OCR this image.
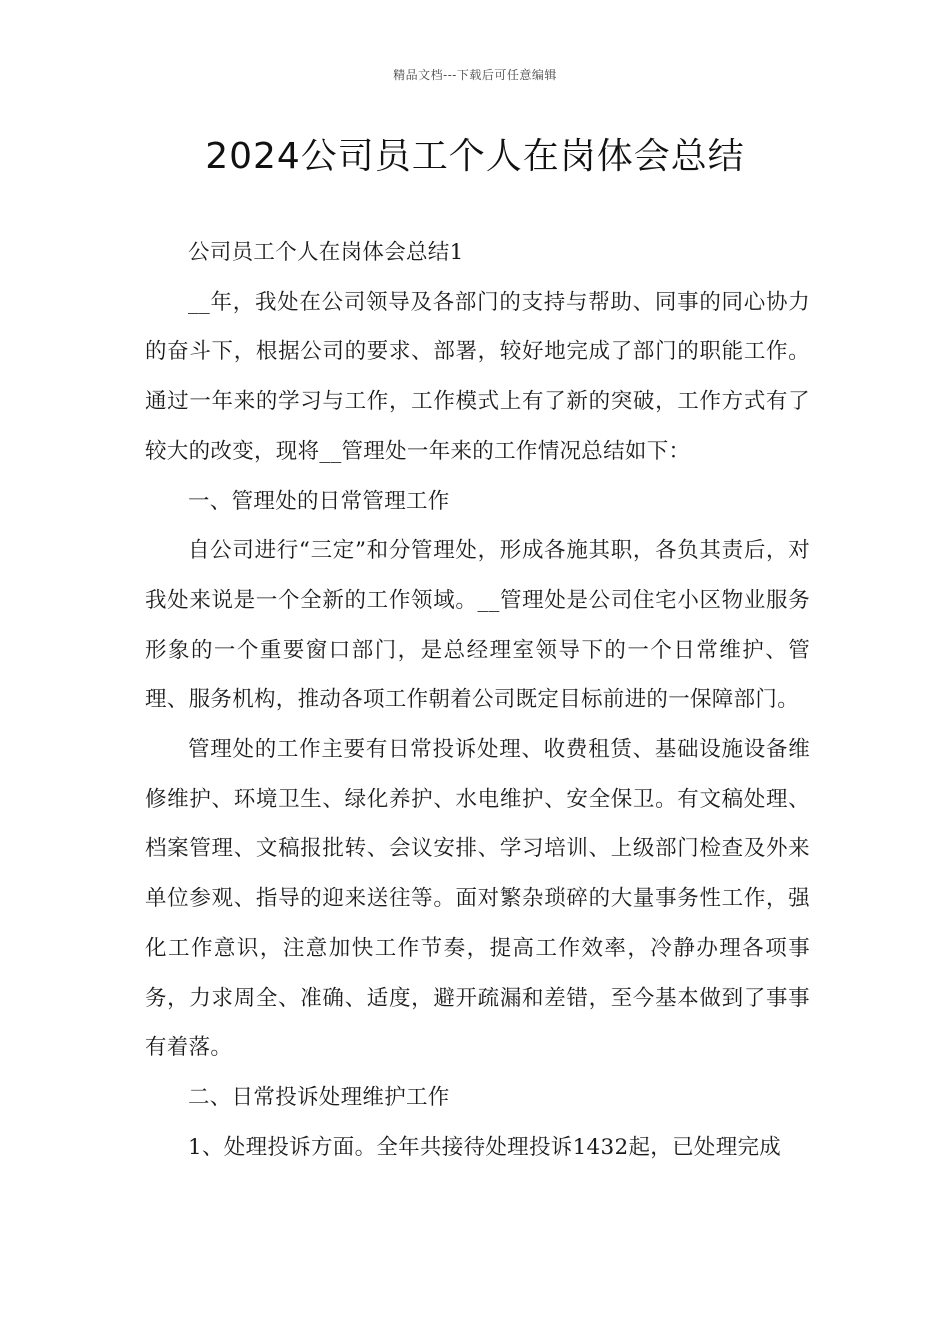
精品文档---下载后可任意编辑
2024公司员工个人在岗体会总结

公司员工个人在岗体会总结1

__年，我处在公司领导及各部门的支持与帮助、同事的同心协力的奋斗下，根据公司的要求、部署，较好地完成了部门的职能工作。通过一年来的学习与工作，工作模式上有了新的突破，工作方式有了较大的改变，现将__管理处一年来的工作情况总结如下：

一、管理处的日常管理工作

自公司进行“三定”和分管理处，形成各施其职，各负其责后，对我处来说是一个全新的工作领域。__管理处是公司住宅小区物业服务形象的一个重要窗口部门，是总经理室领导下的一个日常维护、管理、服务机构，推动各项工作朝着公司既定目标前进的一保障部门。

管理处的工作主要有日常投诉处理、收费租赁、基础设施设备维修维护、环境卫生、绿化养护、水电维护、安全保卫。有文稿处理、档案管理、文稿报批转、会议安排、学习培训、上级部门检查及外来单位参观、指导的迎来送往等。面对繁杂琐碎的大量事务性工作，强化工作意识，注意加快工作节奏，提高工作效率，冷静办理各项事务，力求周全、准确、适度，避开疏漏和差错，至今基本做到了事事有着落。

二、日常投诉处理维护工作

1、处理投诉方面。全年共接待处理投诉1432起，已处理完成
